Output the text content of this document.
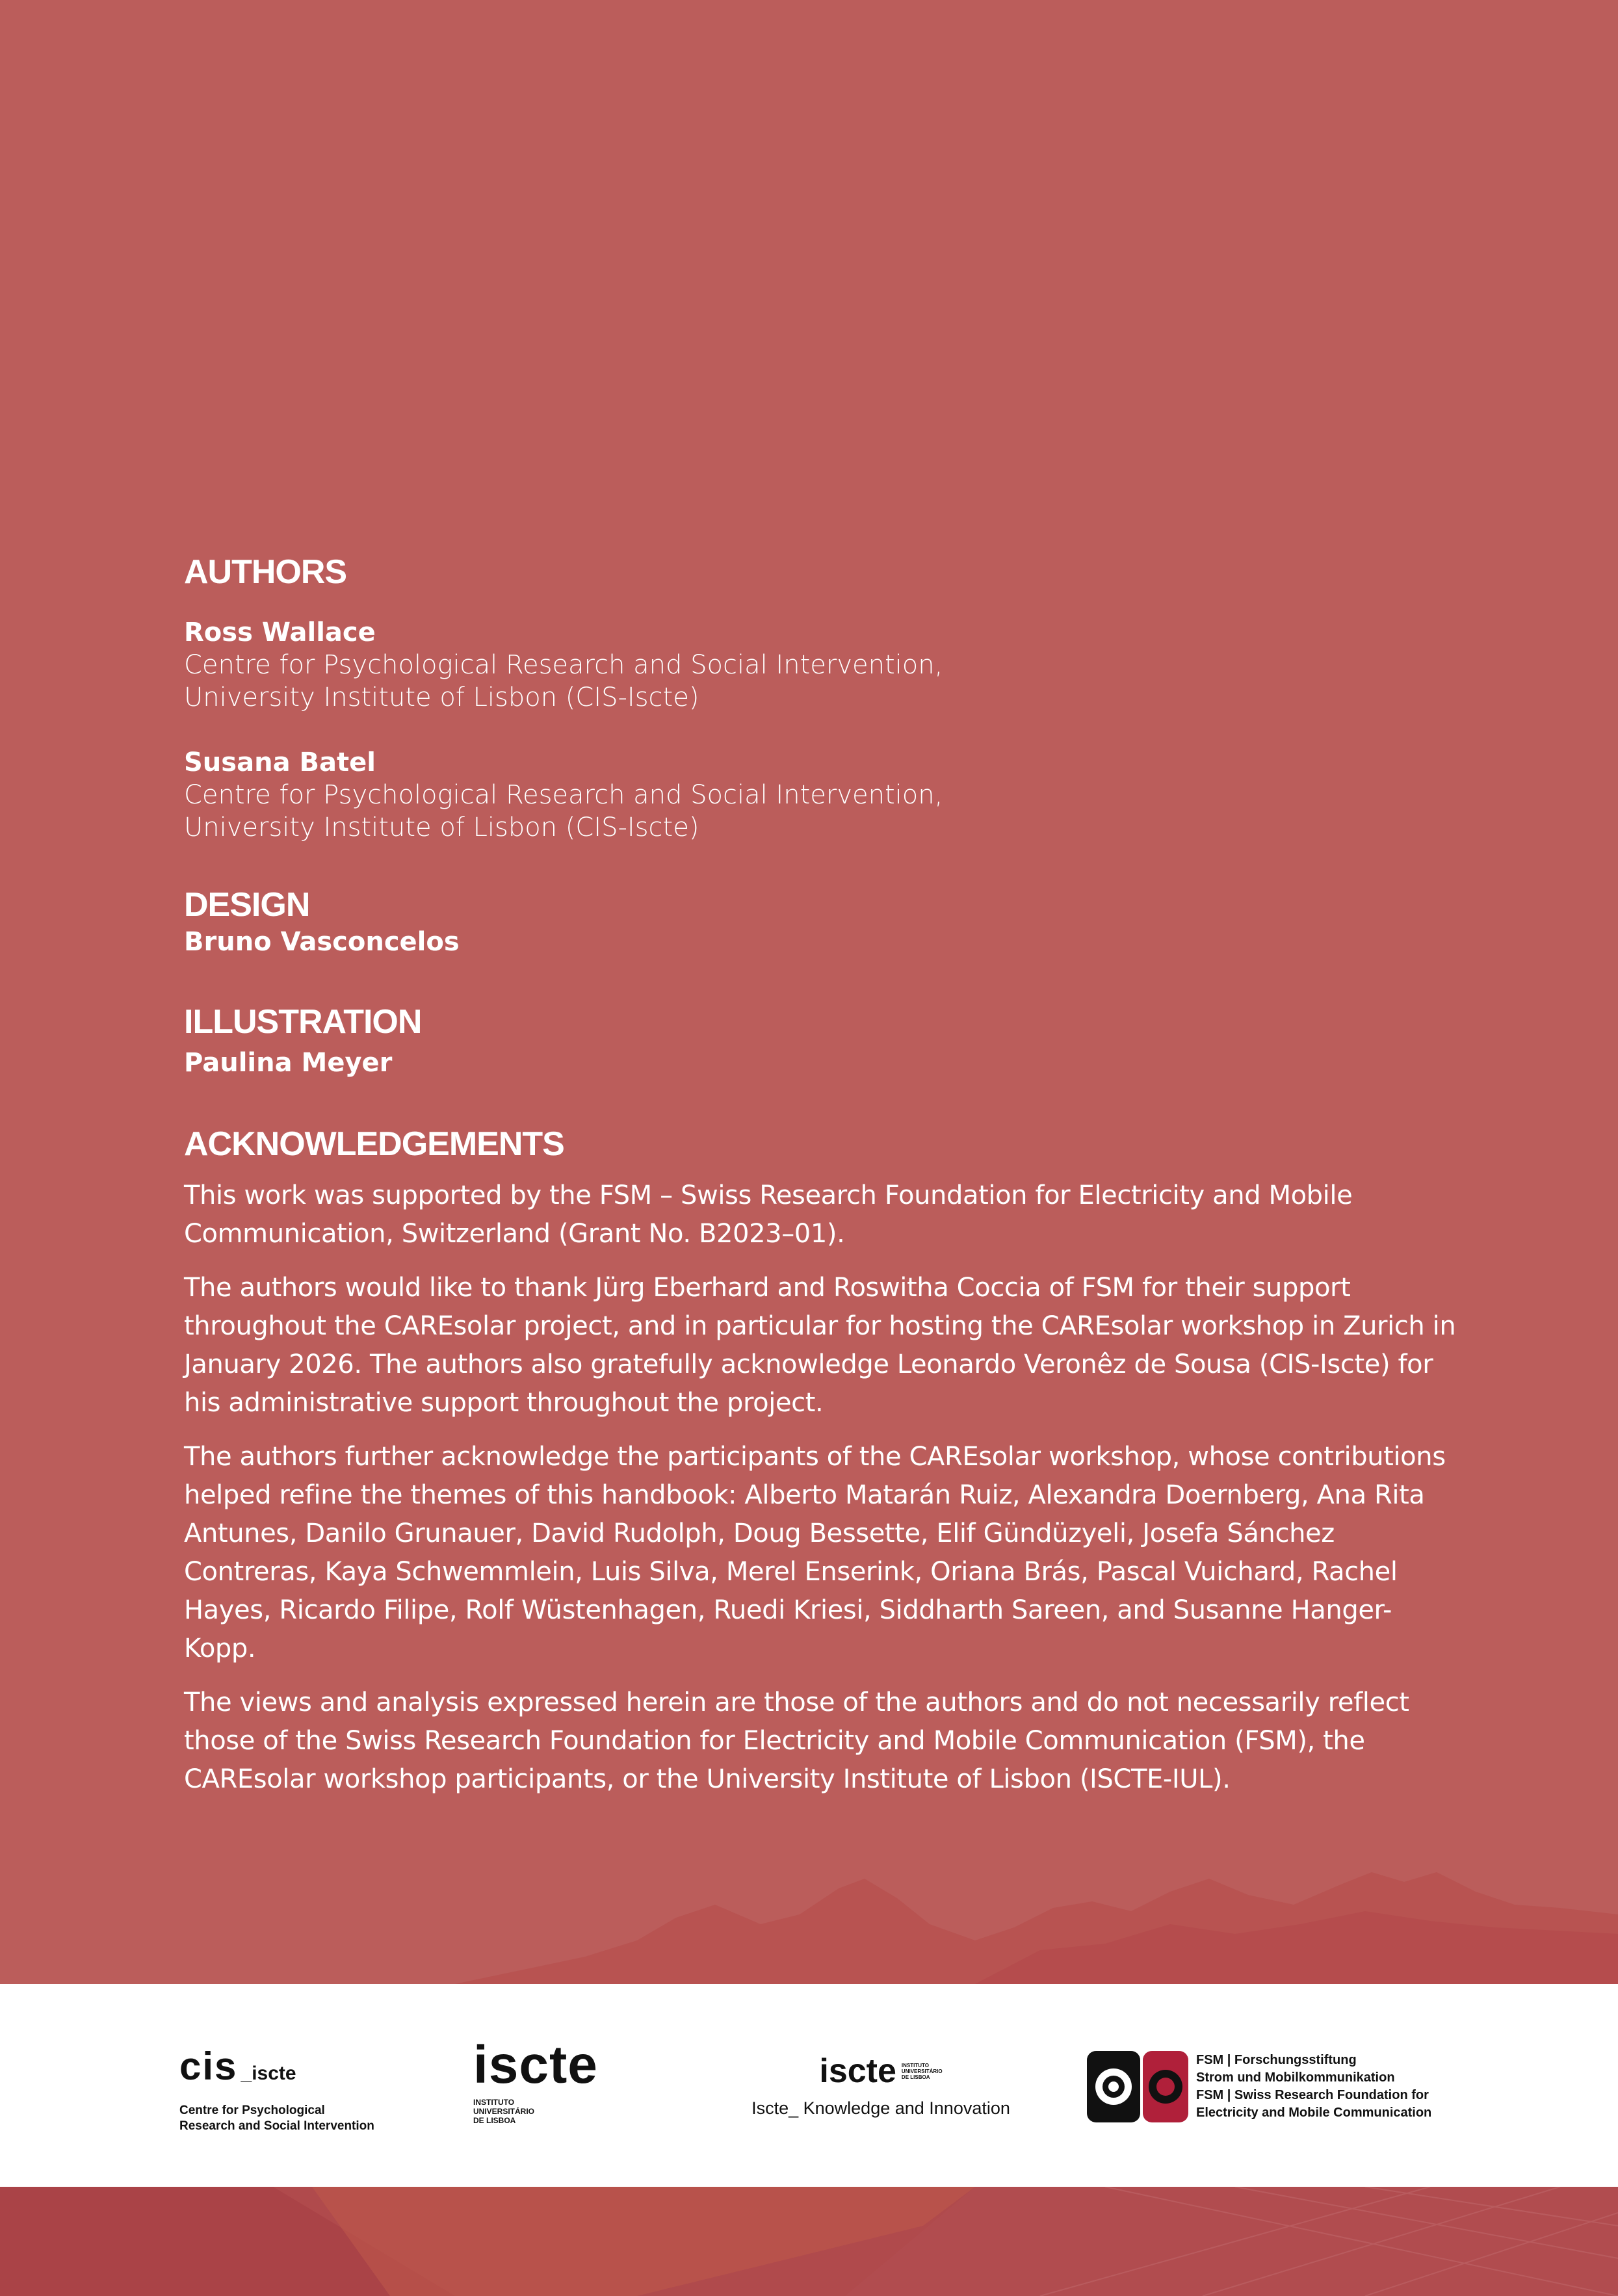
AUTHORS

Ross Wallace

Centre for Psychological Research and Social Intervention,

University Institute of Lisbon (CIS-Iscte)

Susana Batel

Centre for Psychological Research and Social Intervention,

University Institute of Lisbon (CIS-Iscte)

DESIGN

Bruno Vasconcelos

ILLUSTRATION

Paulina Meyer

ACKNOWLEDGEMENTS

This work was supported by the FSM – Swiss Research Foundation for Electricity and Mobile Communication, Switzerland (Grant No. B2023–01).

The authors would like to thank Jürg Eberhard and Roswitha Coccia of FSM for their support throughout the CAREsolar project, and in particular for hosting the CAREsolar workshop in Zurich in January 2026. The authors also gratefully acknowledge Leonardo Veronêz de Sousa (CIS-Iscte) for his administrative support throughout the project.

The authors further acknowledge the participants of the CAREsolar workshop, whose contributions helped refine the themes of this handbook: Alberto Matarán Ruiz, Alexandra Doernberg, Ana Rita Antunes, Danilo Grunauer, David Rudolph, Doug Bessette, Elif Gündüzyeli, Josefa Sánchez Contreras, Kaya Schwemmlein, Luis Silva, Merel Enserink, Oriana Brás, Pascal Vuichard, Rachel Hayes, Ricardo Filipe, Rolf Wüstenhagen, Ruedi Kriesi, Siddharth Sareen, and Susanne Hanger-Kopp.

The views and analysis expressed herein are those of the authors and do not necessarily reflect those of the Swiss Research Foundation for Electricity and Mobile Communication (FSM), the CAREsolar workshop participants, or the University Institute of Lisbon (ISCTE-IUL).

cis _iscte
Centre for Psychological
Research and Social Intervention
iscte
INSTITUTO
UNIVERSITÁRIO
DE LISBOA
iscte INSTITUTO
UNIVERSITÁRIO
DE LISBOA
Iscte_ Knowledge and Innovation
FSM | Forschungsstiftung
Strom und Mobilkommunikation
FSM | Swiss Research Foundation for
Electricity and Mobile Communication
